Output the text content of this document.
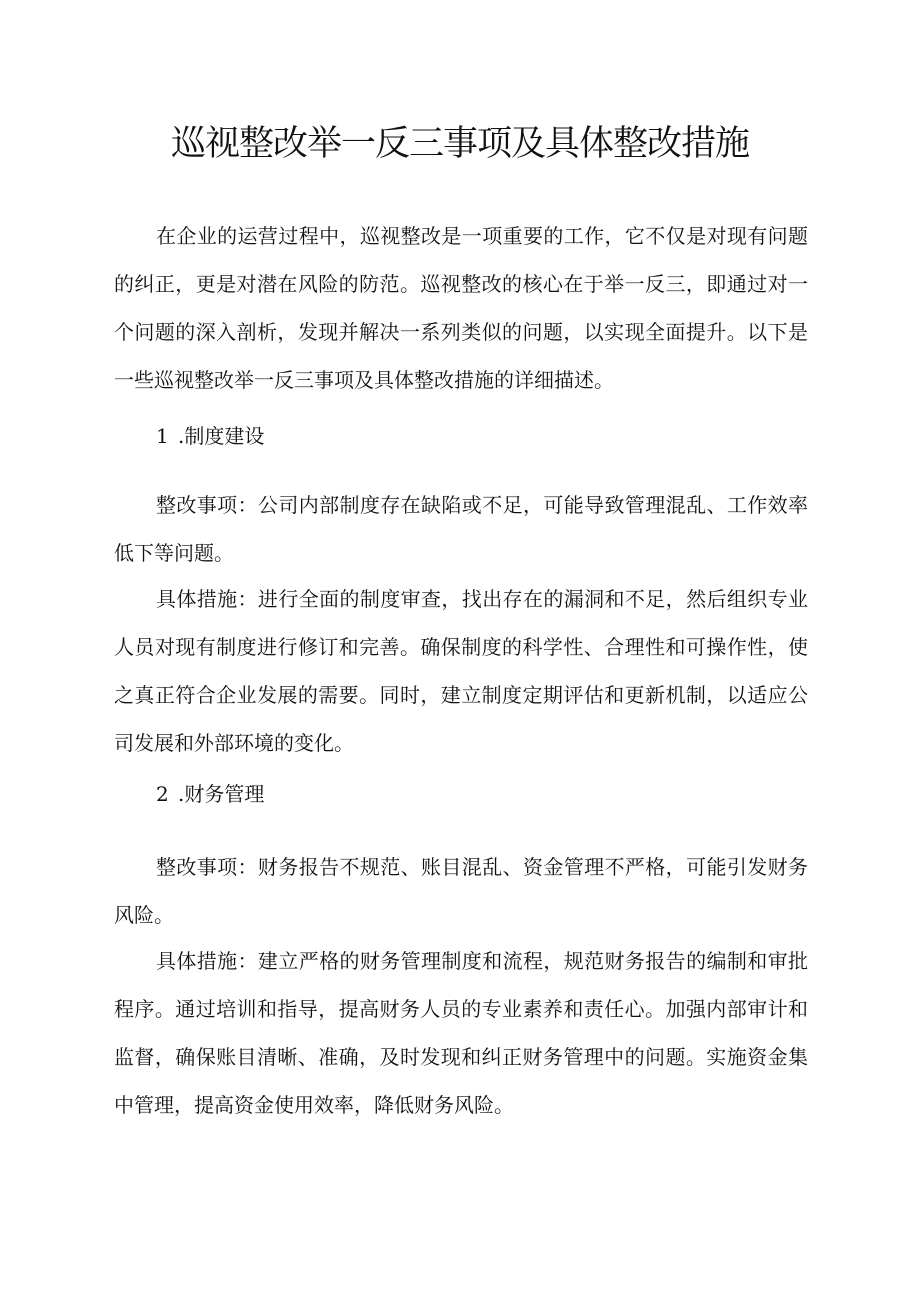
巡视整改举一反三事项及具体整改措施

在企业的运营过程中，巡视整改是一项重要的工作，它不仅是对现有问题的纠正，更是对潜在风险的防范。巡视整改的核心在于举一反三，即通过对一个问题的深入剖析，发现并解决一系列类似的问题，以实现全面提升。以下是一些巡视整改举一反三事项及具体整改措施的详细描述。

1 .制度建设

整改事项：公司内部制度存在缺陷或不足，可能导致管理混乱、工作效率低下等问题。

具体措施：进行全面的制度审查，找出存在的漏洞和不足，然后组织专业人员对现有制度进行修订和完善。确保制度的科学性、合理性和可操作性，使之真正符合企业发展的需要。同时，建立制度定期评估和更新机制，以适应公司发展和外部环境的变化。

2 .财务管理

整改事项：财务报告不规范、账目混乱、资金管理不严格，可能引发财务风险。

具体措施：建立严格的财务管理制度和流程，规范财务报告的编制和审批程序。通过培训和指导，提高财务人员的专业素养和责任心。加强内部审计和监督，确保账目清晰、准确，及时发现和纠正财务管理中的问题。实施资金集中管理，提高资金使用效率，降低财务风险。
